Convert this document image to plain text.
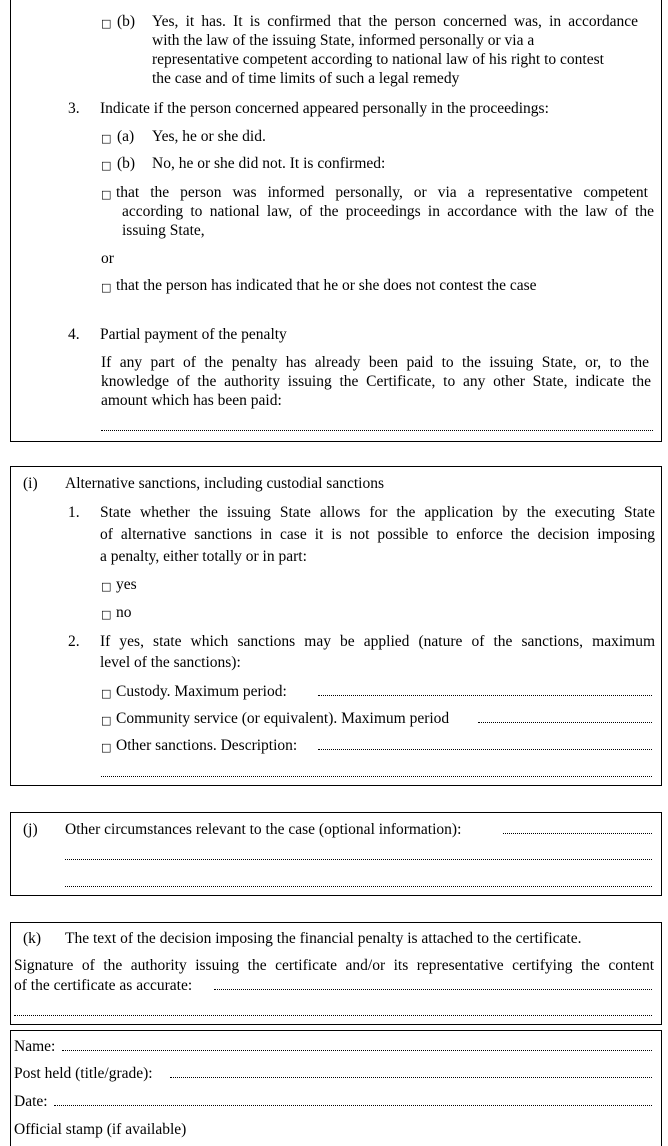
□ (b) Yes, it has. It is confirmed that the person concerned was, in accordance
with the law of the issuing State, informed personally or via a
representative competent according to national law of his right to contest
the case and of time limits of such a legal remedy
3. Indicate if the person concerned appeared personally in the proceedings:
□ (a) Yes, he or she did.
□ (b) No, he or she did not. It is confirmed:
□ that the person was informed personally, or via a representative competent
according to national law, of the proceedings in accordance with the law of the
issuing State,
or
□ that the person has indicated that he or she does not contest the case
4. Partial payment of the penalty
If any part of the penalty has already been paid to the issuing State, or, to the
knowledge of the authority issuing the Certificate, to any other State, indicate the
amount which has been paid:
(i) Alternative sanctions, including custodial sanctions
1. State whether the issuing State allows for the application by the executing State
of alternative sanctions in case it is not possible to enforce the decision imposing
a penalty, either totally or in part:
□ yes
□ no
2. If yes, state which sanctions may be applied (nature of the sanctions, maximum
level of the sanctions):
□ Custody. Maximum period:
□ Community service (or equivalent). Maximum period
□ Other sanctions. Description:
(j) Other circumstances relevant to the case (optional information):
(k) The text of the decision imposing the financial penalty is attached to the certificate.
Signature of the authority issuing the certificate and/or its representative certifying the content
of the certificate as accurate:
Name:
Post held (title/grade):
Date:
Official stamp (if available)
